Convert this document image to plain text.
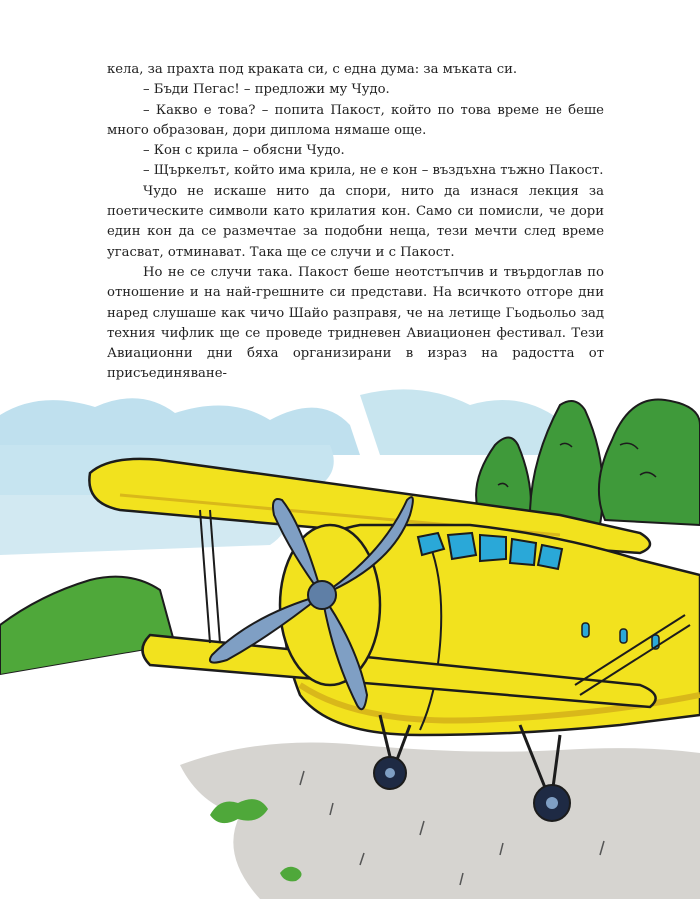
кела, за прахта под краката си, с една дума: за мъката си.

– Бъди Пегас! – предложи му Чудо.

– Какво е това? – попита Пакост, който по това време не беше много образован, дори диплома нямаше още.

– Кон с крила – обясни Чудо.

– Щъркелът, който има крила, не е кон – въздъхна тъжно Пакост.

Чудо не искаше нито да спори, нито да изнася лекция за поетическите символи като крилатия кон. Само си помисли, че дори един кон да се размечтае за подобни неща, тези мечти след време угасват, отминават. Така ще се случи и с Пакост.

Но не се случи така. Пакост беше неотстъпчив и твърдоглав по отношение и на най-грешните си представи. На всичкото отгоре дни наред слушаше как чичо Шайо разправя, че на летище Гьодьольо зад техния чифлик ще се проведе тридневен Авиационен фестивал. Тези Авиационни дни бяха организирани в израз на радостта от присъединяване-
